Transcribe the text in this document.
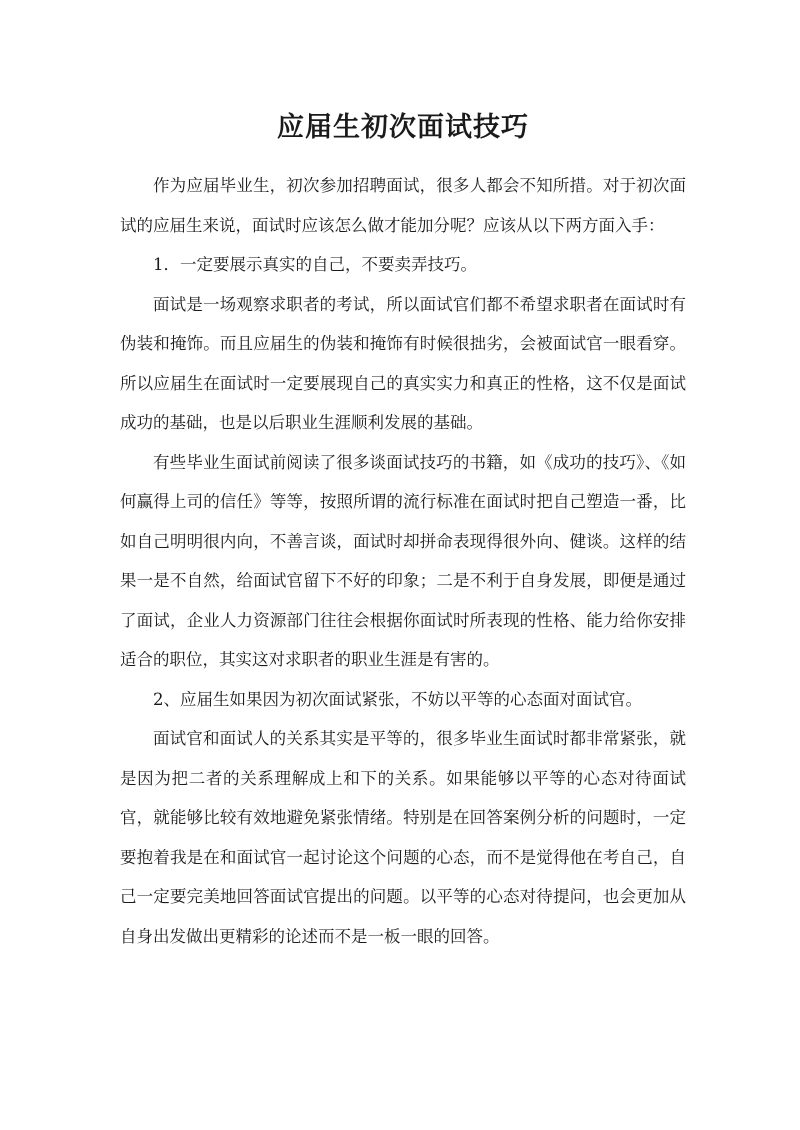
应届生初次面试技巧

作为应届毕业生，初次参加招聘面试，很多人都会不知所措。对于初次面试的应届生来说，面试时应该怎么做才能加分呢？应该从以下两方面入手：

1．一定要展示真实的自己，不要卖弄技巧。

面试是一场观察求职者的考试，所以面试官们都不希望求职者在面试时有伪装和掩饰。而且应届生的伪装和掩饰有时候很拙劣，会被面试官一眼看穿。所以应届生在面试时一定要展现自己的真实实力和真正的性格，这不仅是面试成功的基础，也是以后职业生涯顺利发展的基础。

有些毕业生面试前阅读了很多谈面试技巧的书籍，如《成功的技巧》、《如何赢得上司的信任》等等，按照所谓的流行标准在面试时把自己塑造一番，比如自己明明很内向，不善言谈，面试时却拼命表现得很外向、健谈。这样的结果一是不自然，给面试官留下不好的印象；二是不利于自身发展，即便是通过了面试，企业人力资源部门往往会根据你面试时所表现的性格、能力给你安排适合的职位，其实这对求职者的职业生涯是有害的。

2、应届生如果因为初次面试紧张，不妨以平等的心态面对面试官。

面试官和面试人的关系其实是平等的，很多毕业生面试时都非常紧张，就是因为把二者的关系理解成上和下的关系。如果能够以平等的心态对待面试官，就能够比较有效地避免紧张情绪。特别是在回答案例分析的问题时，一定要抱着我是在和面试官一起讨论这个问题的心态，而不是觉得他在考自己，自己一定要完美地回答面试官提出的问题。以平等的心态对待提问，也会更加从自身出发做出更精彩的论述而不是一板一眼的回答。
